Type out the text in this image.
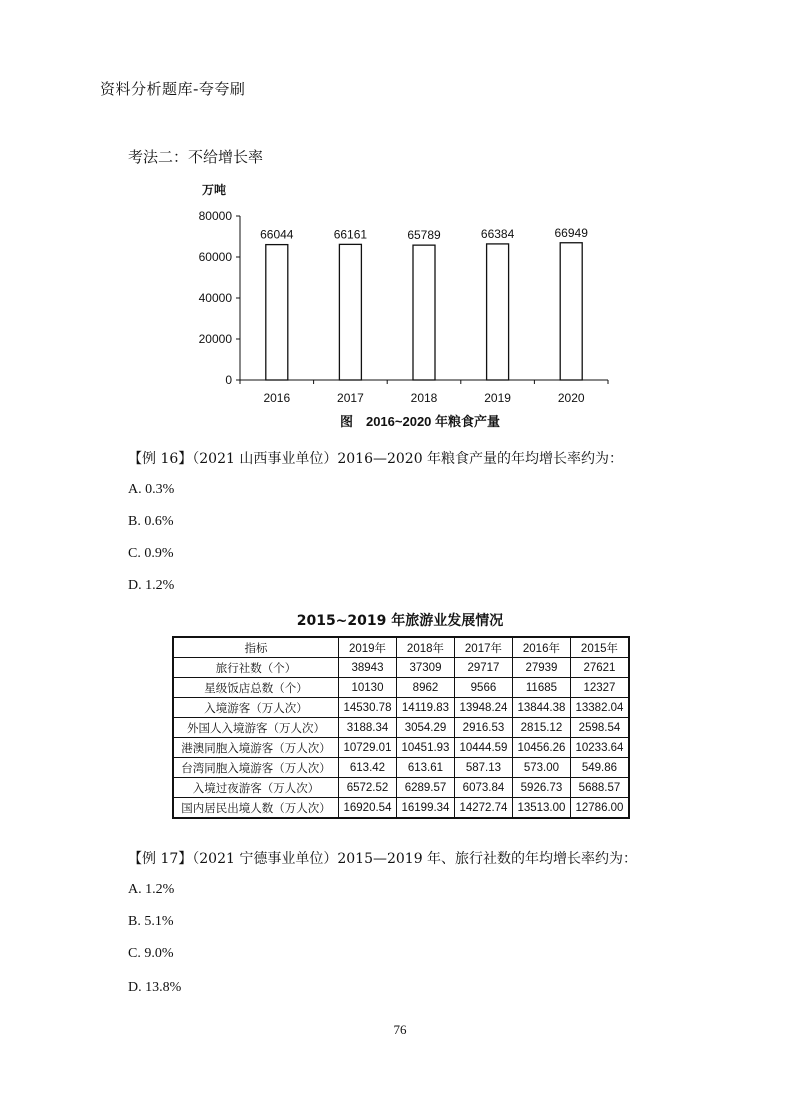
资料分析题库-夸夸刷
考法二：不给增长率
万吨
0
20000
40000
60000
80000
66044
2016
66161
2017
65789
2018
66384
2019
66949
2020
图　2016~2020 年粮食产量
【例 16】（2021 山西事业单位）2016—2020 年粮食产量的年均增长率约为：
A. 0.3%
B. 0.6%
C. 0.9%
D. 1.2%
2015~2019 年旅游业发展情况
指标	2019年	2018年	2017年	2016年	2015年
旅行社数（个）	38943	37309	29717	27939	27621
星级饭店总数（个）	10130	8962	9566	11685	12327
入境游客（万人次）	14530.78	14119.83	13948.24	13844.38	13382.04
外国人入境游客（万人次）	3188.34	3054.29	2916.53	2815.12	2598.54
港澳同胞入境游客（万人次）	10729.01	10451.93	10444.59	10456.26	10233.64
台湾同胞入境游客（万人次）	613.42	613.61	587.13	573.00	549.86
入境过夜游客（万人次）	6572.52	6289.57	6073.84	5926.73	5688.57
国内居民出境人数（万人次）	16920.54	16199.34	14272.74	13513.00	12786.00
【例 17】（2021 宁德事业单位）2015—2019 年、旅行社数的年均增长率约为：
A. 1.2%
B. 5.1%
C. 9.0%
D. 13.8%
76
